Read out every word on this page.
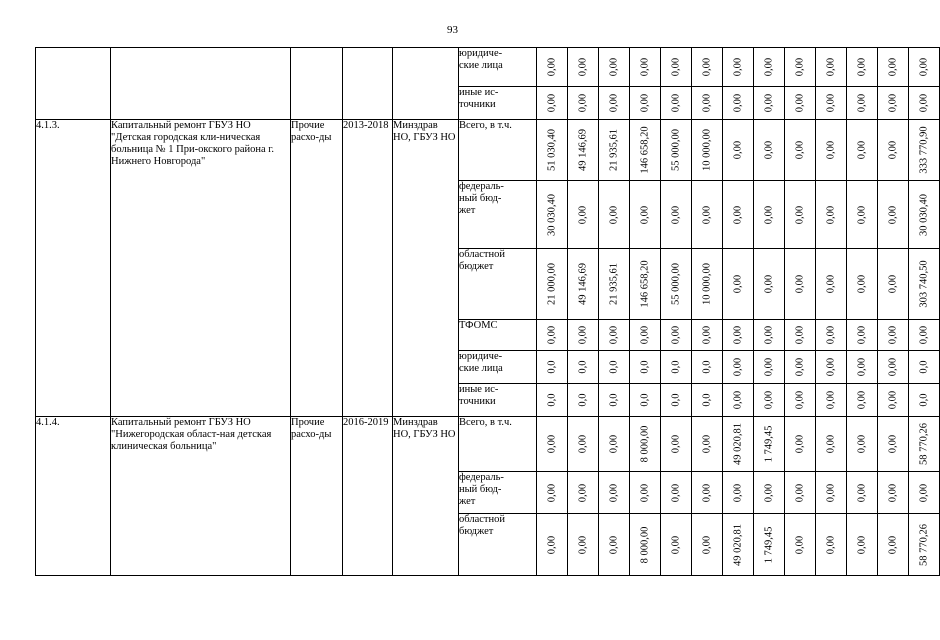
93
					юридиче-
ские лица	0,00	0,00	0,00	0,00	0,00	0,00	0,00	0,00	0,00	0,00	0,00	0,00	0,00

					иные ис-
точники	0,00	0,00	0,00	0,00	0,00	0,00	0,00	0,00	0,00	0,00	0,00	0,00	0,00

4.1.3.	Капитальный ремонт ГБУЗ НО "Детская городская кли-ническая больница № 1 При-окского района г. Нижнего Новгорода"	Прочие расхо-ды	2013-2018	Минздрав НО, ГБУЗ НО	Всего, в т.ч.	51 030,40	49 146,69	21 935,61	146 658,20	55 000,00	10 000,00	0,00	0,00	0,00	0,00	0,00	0,00	333 770,90

					федераль-
ный бюд-
жет	30 030,40	0,00	0,00	0,00	0,00	0,00	0,00	0,00	0,00	0,00	0,00	0,00	30 030,40

					областной
бюджет	21 000,00	49 146,69	21 935,61	146 658,20	55 000,00	10 000,00	0,00	0,00	0,00	0,00	0,00	0,00	303 740,50

					ТФОМС	0,00	0,00	0,00	0,00	0,00	0,00	0,00	0,00	0,00	0,00	0,00	0,00	0,00

					юридиче-
ские лица	0,0	0,0	0,0	0,0	0,0	0,0	0,00	0,00	0,00	0,00	0,00	0,00	0,0

					иные ис-
точники	0,0	0,0	0,0	0,0	0,0	0,0	0,00	0,00	0,00	0,00	0,00	0,00	0,0

4.1.4.	Капитальный ремонт ГБУЗ НО "Нижегородская област-ная детская клиническая больница"	Прочие расхо-ды	2016-2019	Минздрав НО, ГБУЗ НО	Всего, в т.ч.	0,00	0,00	0,00	8 000,00	0,00	0,00	49 020,81	1 749,45	0,00	0,00	0,00	0,00	58 770,26

					федераль-
ный бюд-
жет	0,00	0,00	0,00	0,00	0,00	0,00	0,00	0,00	0,00	0,00	0,00	0,00	0,00

					областной
бюджет	0,00	0,00	0,00	8 000,00	0,00	0,00	49 020,81	1 749,45	0,00	0,00	0,00	0,00	58 770,26
